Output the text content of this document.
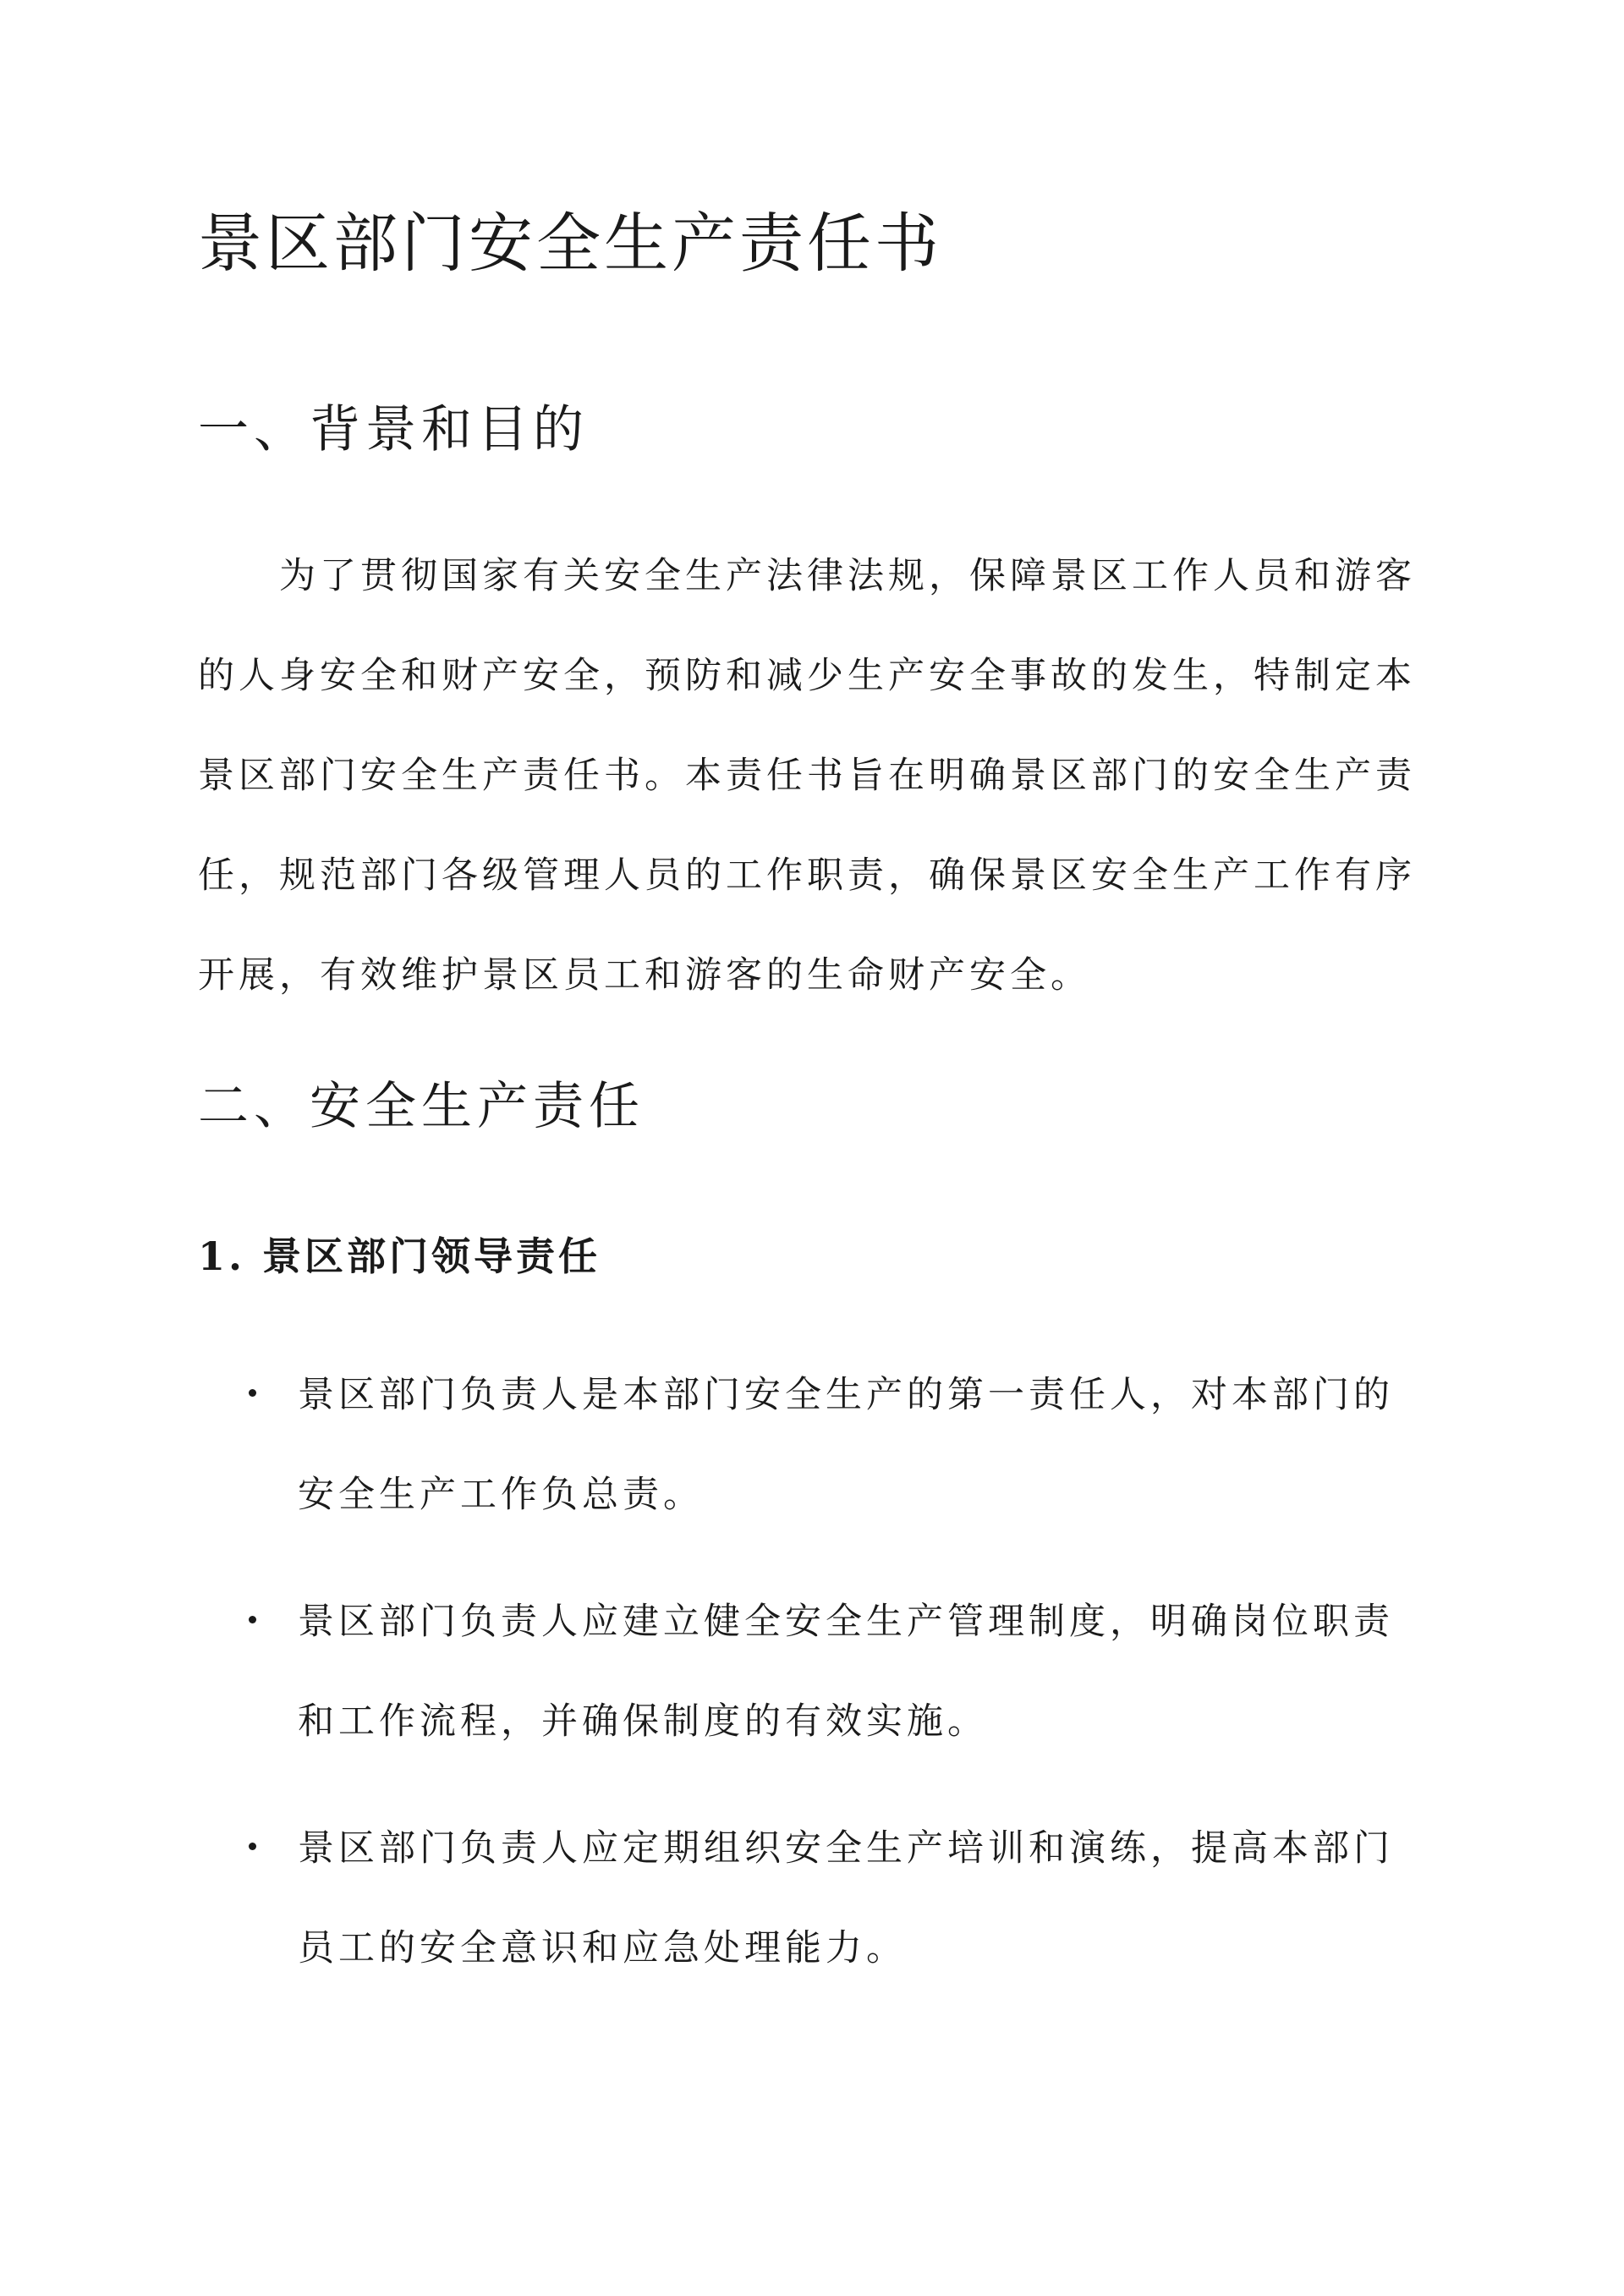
景区部门安全生产责任书
一、背景和目的

为了贯彻国家有关安全生产法律法规，保障景区工作人员和游客的人身安全和财产安全，预防和减少生产安全事故的发生，特制定本景区部门安全生产责任书。本责任书旨在明确景区部门的安全生产责任，规范部门各级管理人员的工作职责，确保景区安全生产工作有序开展，有效维护景区员工和游客的生命财产安全。

二、安全生产责任
1. 景区部门领导责任
景区部门负责人是本部门安全生产的第一责任人，对本部门的安全生产工作负总责。
景区部门负责人应建立健全安全生产管理制度，明确岗位职责和工作流程，并确保制度的有效实施。
景区部门负责人应定期组织安全生产培训和演练，提高本部门员工的安全意识和应急处理能力。
